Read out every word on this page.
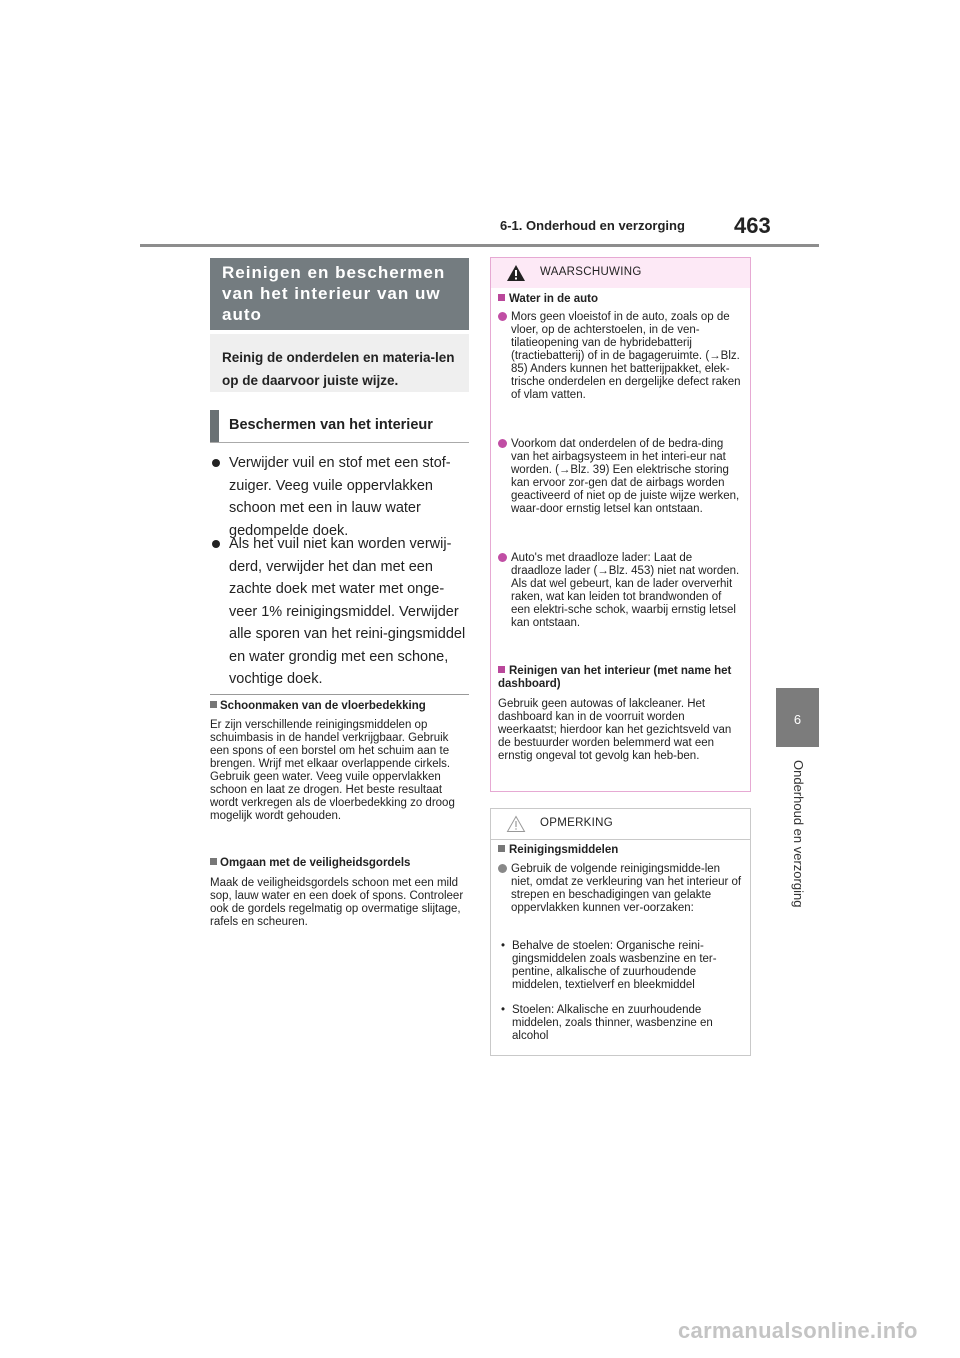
6-1. Onderhoud en verzorging 463
6
Onderhoud en verzorging
Reinigen en beschermen van het interieur van uw auto
Reinig de onderdelen en materia-len op de daarvoor juiste wijze.
Beschermen van het interieur
Verwijder vuil en stof met een stof-zuiger. Veeg vuile oppervlakken schoon met een in lauw water gedompelde doek.
Als het vuil niet kan worden verwij-derd, verwijder het dan met een zachte doek met water met onge-veer 1% reinigingsmiddel. Verwijder alle sporen van het reini-gingsmiddel en water grondig met een schone, vochtige doek.
Schoonmaken van de vloerbedekking
Er zijn verschillende reinigingsmiddelen op schuimbasis in de handel verkrijgbaar. Gebruik een spons of een borstel om het schuim aan te brengen. Wrijf met elkaar overlappende cirkels. Gebruik geen water. Veeg vuile oppervlakken schoon en laat ze drogen. Het beste resultaat wordt verkregen als de vloerbedekking zo droog mogelijk wordt gehouden.
Omgaan met de veiligheidsgordels
Maak de veiligheidsgordels schoon met een mild sop, lauw water en een doek of spons. Controleer ook de gordels regelmatig op overmatige slijtage, rafels en scheuren.
WAARSCHUWING
Water in de auto
Mors geen vloeistof in de auto, zoals op de vloer, op de achterstoelen, in de ven-tilatieopening van de hybridebatterij (tractiebatterij) of in de bagageruimte. (→Blz. 85) Anders kunnen het batterijpakket, elek-trische onderdelen en dergelijke defect raken of vlam vatten.
Voorkom dat onderdelen of de bedra-ding van het airbagsysteem in het interi-eur nat worden. (→Blz. 39) Een elektrische storing kan ervoor zor-gen dat de airbags worden geactiveerd of niet op de juiste wijze werken, waar-door ernstig letsel kan ontstaan.
Auto's met draadloze lader: Laat de draadloze lader (→Blz. 453) niet nat worden. Als dat wel gebeurt, kan de lader oververhit raken, wat kan leiden tot brandwonden of een elektri-sche schok, waarbij ernstig letsel kan ontstaan.
Reinigen van het interieur (met name het dashboard)
Gebruik geen autowas of lakcleaner. Het dashboard kan in de voorruit worden weerkaatst; hierdoor kan het gezichtsveld van de bestuurder worden belemmerd wat een ernstig ongeval tot gevolg kan heb-ben.
OPMERKING
Reinigingsmiddelen
Gebruik de volgende reinigingsmidde-len niet, omdat ze verkleuring van het interieur of strepen en beschadigingen van gelakte oppervlakken kunnen ver-oorzaken:
• Behalve de stoelen: Organische reini-gingsmiddelen zoals wasbenzine en ter-pentine, alkalische of zuurhoudende middelen, textielverf en bleekmiddel
• Stoelen: Alkalische en zuurhoudende middelen, zoals thinner, wasbenzine en alcohol
carmanualsonline.info
